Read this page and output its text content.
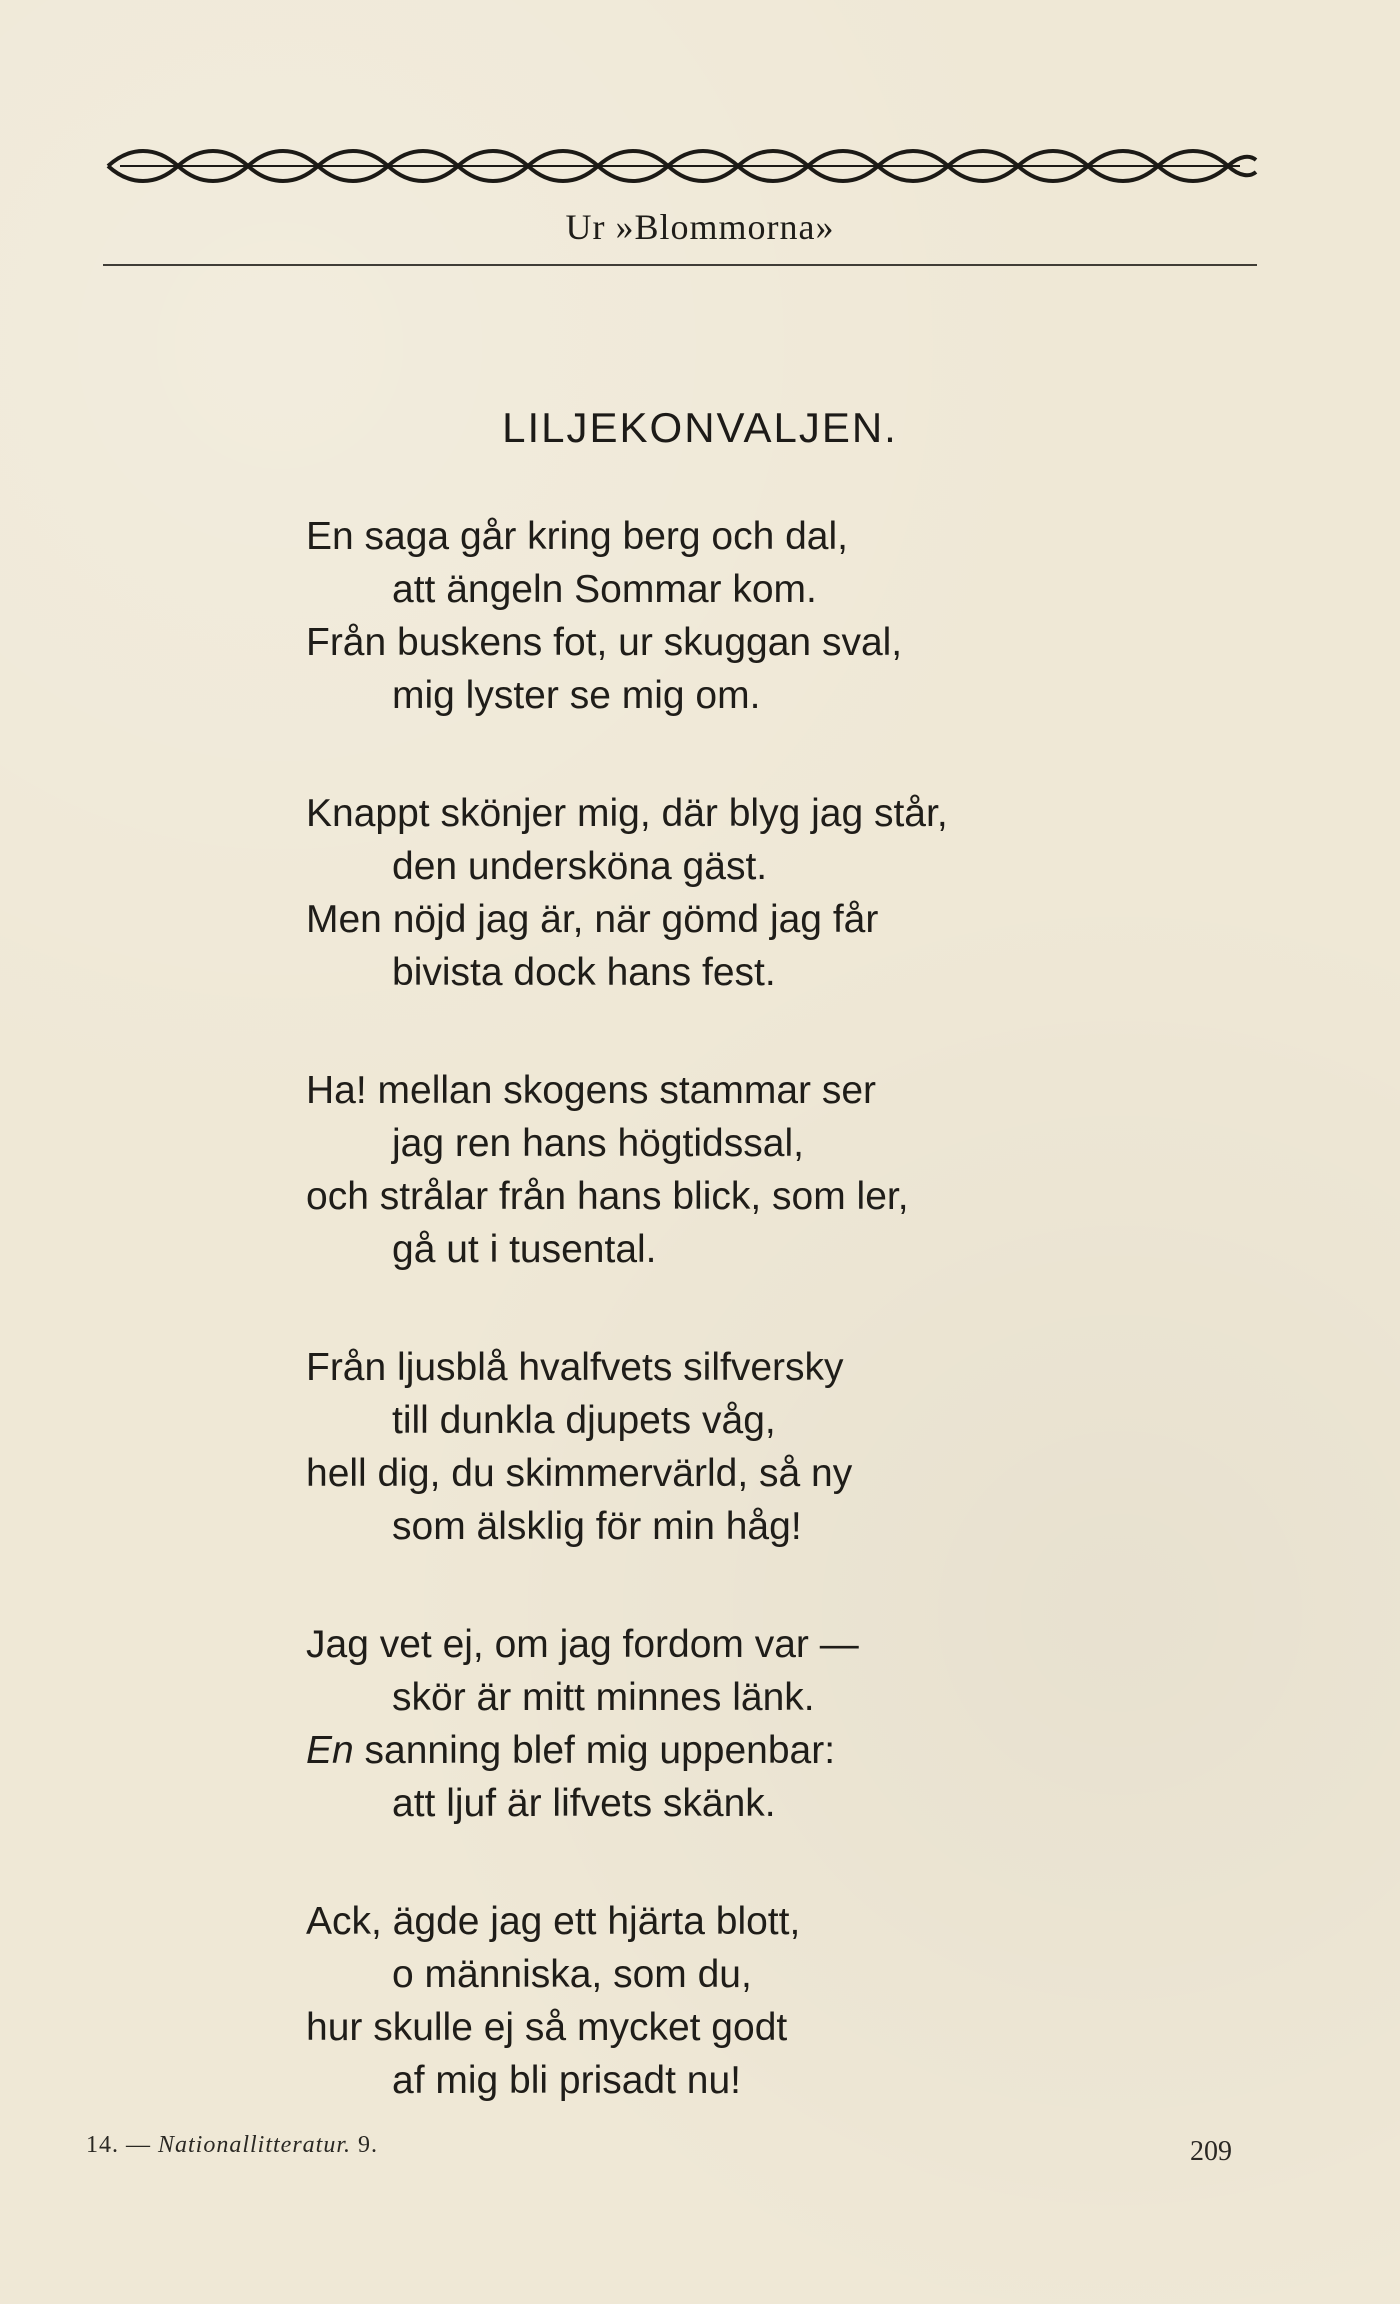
Ur »Blommorna»
LILJEKONVALJEN.
En saga går kring berg och dal,
att ängeln Sommar kom.
Från buskens fot, ur skuggan sval,
mig lyster se mig om.
Knappt skönjer mig, där blyg jag står,
den undersköna gäst.
Men nöjd jag är, när gömd jag får
bivista dock hans fest.
Ha! mellan skogens stammar ser
jag ren hans högtidssal,
och strålar från hans blick, som ler,
gå ut i tusental.
Från ljusblå hvalfvets silfversky
till dunkla djupets våg,
hell dig, du skimmervärld, så ny
som älsklig för min håg!
Jag vet ej, om jag fordom var —
skör är mitt minnes länk.
En sanning blef mig uppenbar:
att ljuf är lifvets skänk.
Ack, ägde jag ett hjärta blott,
o människa, som du,
hur skulle ej så mycket godt
af mig bli prisadt nu!
14. — Nationallitteratur. 9.	209
